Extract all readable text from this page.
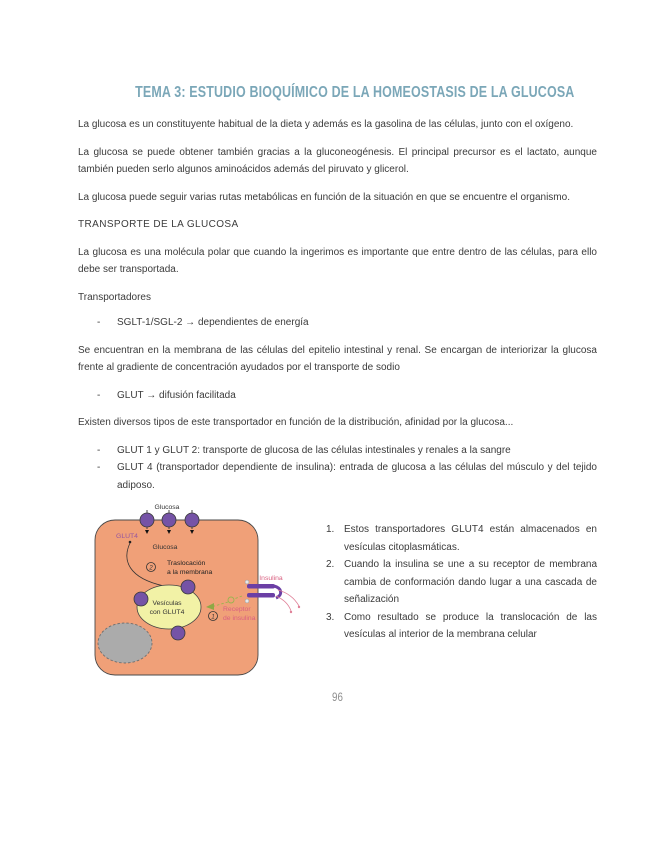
TEMA 3: ESTUDIO BIOQUÍMICO DE LA HOMEOSTASIS DE LA GLUCOSA

La glucosa es un constituyente habitual de la dieta y además es la gasolina de las células, junto con el oxígeno.

La glucosa se puede obtener también gracias a la gluconeogénesis. El principal precursor es el lactato, aunque también pueden serlo algunos aminoácidos además del piruvato y glicerol.

La glucosa puede seguir varias rutas metabólicas en función de la situación en que se encuentre el organismo.

TRANSPORTE DE LA GLUCOSA

La glucosa es una molécula polar que cuando la ingerimos es importante que entre dentro de las células, para ello debe ser transportada.

Transportadores
-	SGLT-1/SGL-2 → dependientes de energía

Se encuentran en la membrana de las células del epitelio intestinal y renal. Se encargan de interiorizar la glucosa frente al gradiente de concentración ayudados por el transporte de sodio

-	GLUT → difusión facilitada

Existen diversos tipos de este transportador en función de la distribución, afinidad por la glucosa...

-	GLUT 1 y GLUT 2: transporte de glucosa de las células intestinales y renales a la sangre
-	GLUT 4 (transportador dependiente de insulina): entrada de glucosa a las células del músculo y del tejido adiposo.
Glucosa
GLUT4
Glucosa
2
Traslocación
a la membrana
Vesículas
con GLUT4
Insulina
1
Receptor
de insulina
1. Estos transportadores GLUT4 están almacenados en vesículas citoplasmáticas.
2. Cuando la insulina se une a su receptor de membrana cambia de conformación dando lugar a una cascada de señalización
3. Como resultado se produce la translocación de las vesículas al interior de la membrana celular
96
